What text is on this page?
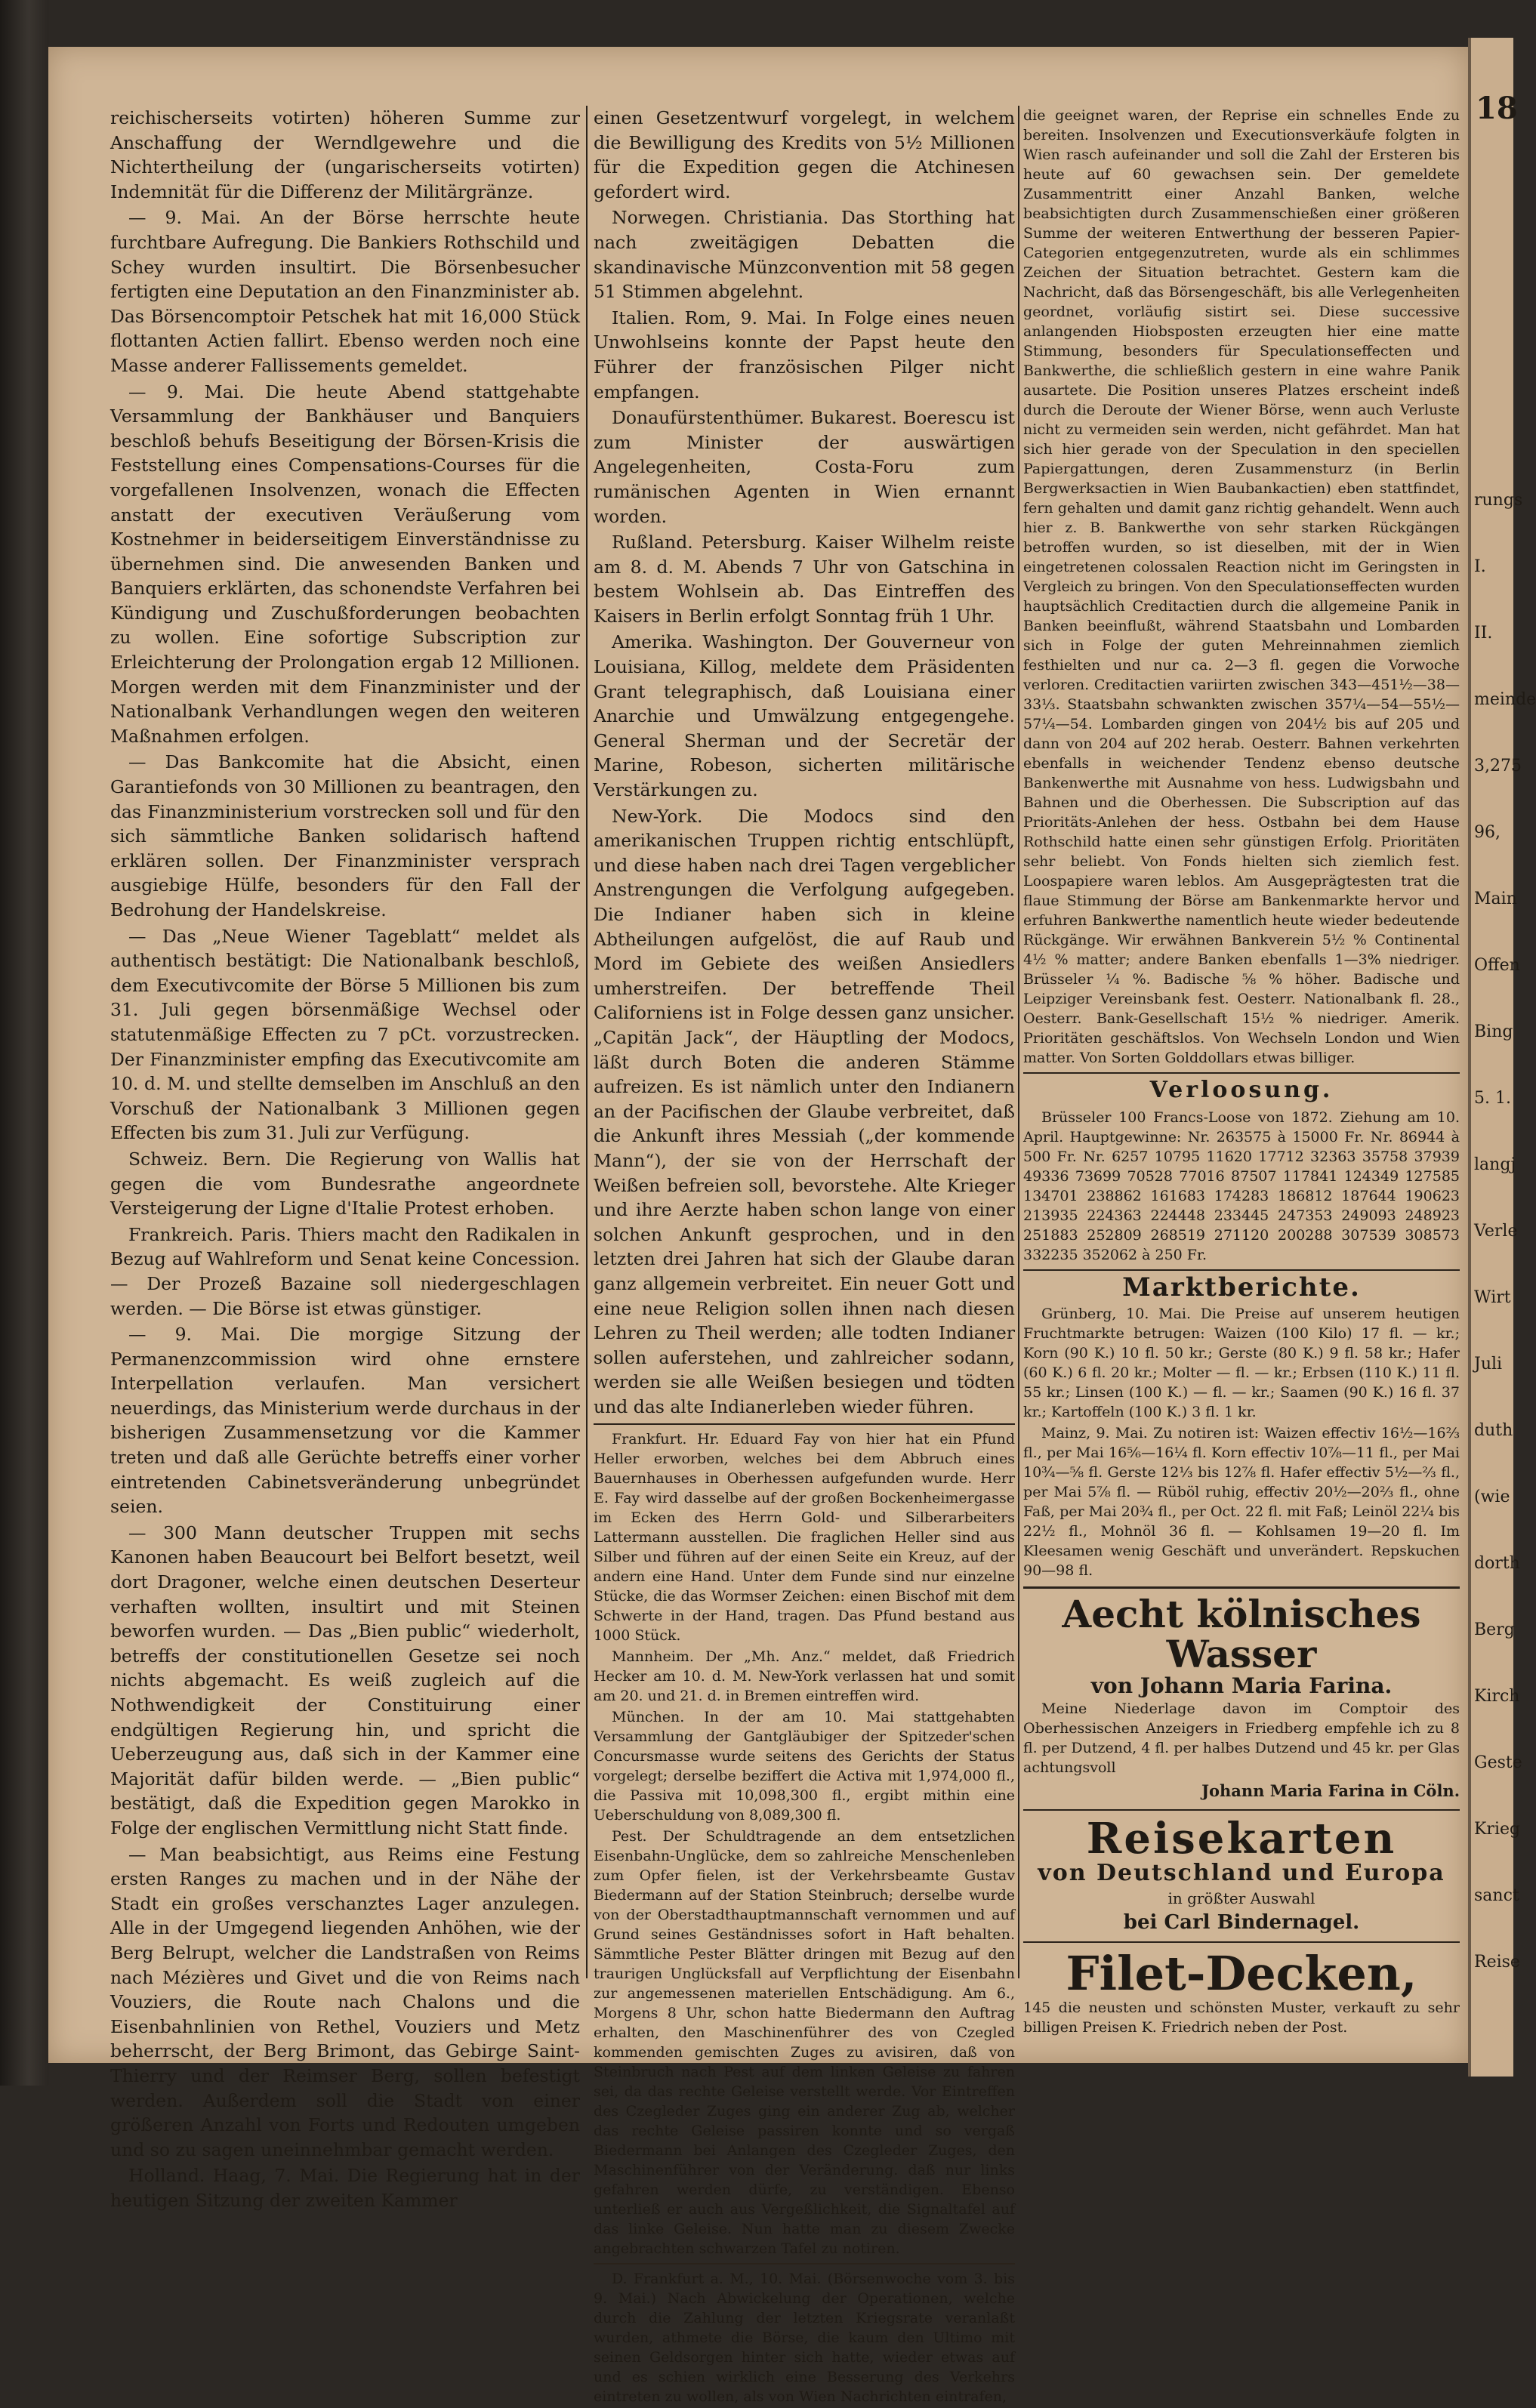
18
rungs
I.
II.
meinde
3,275
96,
Main
Offen
Bing
5. 1.
langj
Verle
Wirt
Juli
duth
(wie
dorth
Berg
Kirch
Geste
Krieg
sanct
Reise

reichischerseits votirten) höheren Summe zur Anschaffung der Werndlgewehre und die Nichtertheilung der (ungarischerseits votirten) Indemnität für die Differenz der Militärgränze.

— 9. Mai. An der Börse herrschte heute furchtbare Aufregung. Die Bankiers Rothschild und Schey wurden insultirt. Die Börsenbesucher fertigten eine Deputation an den Finanzminister ab. Das Börsencomptoir Petschek hat mit 16,000 Stück flottanten Actien fallirt. Ebenso werden noch eine Masse anderer Fallissements gemeldet.

— 9. Mai. Die heute Abend stattgehabte Versammlung der Bankhäuser und Banquiers beschloß behufs Beseitigung der Börsen-Krisis die Feststellung eines Compensations-Courses für die vorgefallenen Insolvenzen, wonach die Effecten anstatt der executiven Veräußerung vom Kostnehmer in beiderseitigem Einverständnisse zu übernehmen sind. Die anwesenden Banken und Banquiers erklärten, das schonendste Verfahren bei Kündigung und Zuschußforderungen beobachten zu wollen. Eine sofortige Subscription zur Erleichterung der Prolongation ergab 12 Millionen. Morgen werden mit dem Finanzminister und der Nationalbank Verhandlungen wegen den weiteren Maßnahmen erfolgen.

— Das Bankcomite hat die Absicht, einen Garantiefonds von 30 Millionen zu beantragen, den das Finanzministerium vorstrecken soll und für den sich sämmtliche Banken solidarisch haftend erklären sollen. Der Finanzminister versprach ausgiebige Hülfe, besonders für den Fall der Bedrohung der Handelskreise.

— Das „Neue Wiener Tageblatt“ meldet als authentisch bestätigt: Die Nationalbank beschloß, dem Executivcomite der Börse 5 Millionen bis zum 31. Juli gegen börsenmäßige Wechsel oder statutenmäßige Effecten zu 7 pCt. vorzustrecken. Der Finanzminister empfing das Executivcomite am 10. d. M. und stellte demselben im Anschluß an den Vorschuß der Nationalbank 3 Millionen gegen Effecten bis zum 31. Juli zur Verfügung.

Schweiz. Bern. Die Regierung von Wallis hat gegen die vom Bundesrathe angeordnete Versteigerung der Ligne d'Italie Protest erhoben.

Frankreich. Paris. Thiers macht den Radikalen in Bezug auf Wahlreform und Senat keine Concession. — Der Prozeß Bazaine soll niedergeschlagen werden. — Die Börse ist etwas günstiger.

— 9. Mai. Die morgige Sitzung der Permanenzcommission wird ohne ernstere Interpellation verlaufen. Man versichert neuerdings, das Ministerium werde durchaus in der bisherigen Zusammensetzung vor die Kammer treten und daß alle Gerüchte betreffs einer vorher eintretenden Cabinetsveränderung unbegründet seien.

— 300 Mann deutscher Truppen mit sechs Kanonen haben Beaucourt bei Belfort besetzt, weil dort Dragoner, welche einen deutschen Deserteur verhaften wollten, insultirt und mit Steinen beworfen wurden. — Das „Bien public“ wiederholt, betreffs der constitutionellen Gesetze sei noch nichts abgemacht. Es weiß zugleich auf die Nothwendigkeit der Constituirung einer endgültigen Regierung hin, und spricht die Ueberzeugung aus, daß sich in der Kammer eine Majorität dafür bilden werde. — „Bien public“ bestätigt, daß die Expedition gegen Marokko in Folge der englischen Vermittlung nicht Statt finde.

— Man beabsichtigt, aus Reims eine Festung ersten Ranges zu machen und in der Nähe der Stadt ein großes verschanztes Lager anzulegen. Alle in der Umgegend liegenden Anhöhen, wie der Berg Belrupt, welcher die Landstraßen von Reims nach Mézières und Givet und die von Reims nach Vouziers, die Route nach Chalons und die Eisenbahnlinien von Rethel, Vouziers und Metz beherrscht, der Berg Brimont, das Gebirge Saint-Thierry und der Reimser Berg, sollen befestigt werden. Außerdem soll die Stadt von einer größeren Anzahl von Forts und Redouten umgeben und so zu sagen uneinnehmbar gemacht werden.

Holland. Haag, 7. Mai. Die Regierung hat in der heutigen Sitzung der zweiten Kammer

einen Gesetzentwurf vorgelegt, in welchem die Bewilligung des Kredits von 5½ Millionen für die Expedition gegen die Atchinesen gefordert wird.

Norwegen. Christiania. Das Storthing hat nach zweitägigen Debatten die skandinavische Münzconvention mit 58 gegen 51 Stimmen abgelehnt.

Italien. Rom, 9. Mai. In Folge eines neuen Unwohlseins konnte der Papst heute den Führer der französischen Pilger nicht empfangen.

Donaufürstenthümer. Bukarest. Boerescu ist zum Minister der auswärtigen Angelegenheiten, Costa-Foru zum rumänischen Agenten in Wien ernannt worden.

Rußland. Petersburg. Kaiser Wilhelm reiste am 8. d. M. Abends 7 Uhr von Gatschina in bestem Wohlsein ab. Das Eintreffen des Kaisers in Berlin erfolgt Sonntag früh 1 Uhr.

Amerika. Washington. Der Gouverneur von Louisiana, Killog, meldete dem Präsidenten Grant telegraphisch, daß Louisiana einer Anarchie und Umwälzung entgegengehe. General Sherman und der Secretär der Marine, Robeson, sicherten militärische Verstärkungen zu.

New-York. Die Modocs sind den amerikanischen Truppen richtig entschlüpft, und diese haben nach drei Tagen vergeblicher Anstrengungen die Verfolgung aufgegeben. Die Indianer haben sich in kleine Abtheilungen aufgelöst, die auf Raub und Mord im Gebiete des weißen Ansiedlers umherstreifen. Der betreffende Theil Californiens ist in Folge dessen ganz unsicher. „Capitän Jack“, der Häuptling der Modocs, läßt durch Boten die anderen Stämme aufreizen. Es ist nämlich unter den Indianern an der Pacifischen der Glaube verbreitet, daß die Ankunft ihres Messiah („der kommende Mann“), der sie von der Herrschaft der Weißen befreien soll, bevorstehe. Alte Krieger und ihre Aerzte haben schon lange von einer solchen Ankunft gesprochen, und in den letzten drei Jahren hat sich der Glaube daran ganz allgemein verbreitet. Ein neuer Gott und eine neue Religion sollen ihnen nach diesen Lehren zu Theil werden; alle todten Indianer sollen auferstehen, und zahlreicher sodann, werden sie alle Weißen besiegen und tödten und das alte Indianerleben wieder führen.

Frankfurt. Hr. Eduard Fay von hier hat ein Pfund Heller erworben, welches bei dem Abbruch eines Bauernhauses in Oberhessen aufgefunden wurde. Herr E. Fay wird dasselbe auf der großen Bockenheimergasse im Ecken des Herrn Gold- und Silberarbeiters Lattermann ausstellen. Die fraglichen Heller sind aus Silber und führen auf der einen Seite ein Kreuz, auf der andern eine Hand. Unter dem Funde sind nur einzelne Stücke, die das Wormser Zeichen: einen Bischof mit dem Schwerte in der Hand, tragen. Das Pfund bestand aus 1000 Stück.

Mannheim. Der „Mh. Anz.“ meldet, daß Friedrich Hecker am 10. d. M. New-York verlassen hat und somit am 20. und 21. d. in Bremen eintreffen wird.

München. In der am 10. Mai stattgehabten Versammlung der Gantgläubiger der Spitzeder'schen Concursmasse wurde seitens des Gerichts der Status vorgelegt; derselbe beziffert die Activa mit 1,974,000 fl., die Passiva mit 10,098,300 fl., ergibt mithin eine Ueberschuldung von 8,089,300 fl.

Pest. Der Schuldtragende an dem entsetzlichen Eisenbahn-Unglücke, dem so zahlreiche Menschenleben zum Opfer fielen, ist der Verkehrsbeamte Gustav Biedermann auf der Station Steinbruch; derselbe wurde von der Oberstadthauptmannschaft vernommen und auf Grund seines Geständnisses sofort in Haft behalten. Sämmtliche Pester Blätter dringen mit Bezug auf den traurigen Unglücksfall auf Verpflichtung der Eisenbahn zur angemessenen materiellen Entschädigung. Am 6., Morgens 8 Uhr, schon hatte Biedermann den Auftrag erhalten, den Maschinenführer des von Czegled kommenden gemischten Zuges zu avisiren, daß von Steinbruch nach Pest auf dem linken Geleise zu fahren sei, da das rechte Geleise verstellt werde. Vor Eintreffen des Czegleder Zuges ging ein anderer Zug ab, welcher das rechte Geleise passiren konnte und so vergaß Biedermann bei Anlangen des Czegleder Zuges, den Maschinenführer von der Veränderung. daß nur links gefahren werden dürfe, zu verständigen. Ebenso unterließ er auch aus Vergeßlichkeit, die Signaltafel auf das linke Geleise. Nun hatte man zu diesem Zwecke angebrachten schwarzen Tafel zu notiren.

D. Frankfurt a. M., 10. Mai. (Börsenwoche vom 3. bis 9. Mai.) Nach Abwickelung der Operationen, welche durch die Zahlung der letzten Kriegsrate veranlaßt wurden, athmete die Börse, die kaum den Ultimo mit seinen Geldsorgen hinter sich hatte, wieder etwas auf und es schien wirklich eine Besserung des Verkehrs eintreten zu wollen, als von Wien Nachrichten eintrafen,

die geeignet waren, der Reprise ein schnelles Ende zu bereiten. Insolvenzen und Executionsverkäufe folgten in Wien rasch aufeinander und soll die Zahl der Ersteren bis heute auf 60 gewachsen sein. Der gemeldete Zusammentritt einer Anzahl Banken, welche beabsichtigten durch Zusammenschießen einer größeren Summe der weiteren Entwerthung der besseren Papier-Categorien entgegenzutreten, wurde als ein schlimmes Zeichen der Situation betrachtet. Gestern kam die Nachricht, daß das Börsengeschäft, bis alle Verlegenheiten geordnet, vorläufig sistirt sei. Diese successive anlangenden Hiobsposten erzeugten hier eine matte Stimmung, besonders für Speculationseffecten und Bankwerthe, die schließlich gestern in eine wahre Panik ausartete. Die Position unseres Platzes erscheint indeß durch die Deroute der Wiener Börse, wenn auch Verluste nicht zu vermeiden sein werden, nicht gefährdet. Man hat sich hier gerade von der Speculation in den speciellen Papiergattungen, deren Zusammensturz (in Berlin Bergwerksactien in Wien Baubankactien) eben stattfindet, fern gehalten und damit ganz richtig gehandelt. Wenn auch hier z. B. Bankwerthe von sehr starken Rückgängen betroffen wurden, so ist dieselben, mit der in Wien eingetretenen colossalen Reaction nicht im Geringsten in Vergleich zu bringen. Von den Speculationseffecten wurden hauptsächlich Creditactien durch die allgemeine Panik in Banken beeinflußt, während Staatsbahn und Lombarden sich in Folge der guten Mehreinnahmen ziemlich festhielten und nur ca. 2—3 fl. gegen die Vorwoche verloren. Creditactien variirten zwischen 343—451½—38—33⅓. Staatsbahn schwankten zwischen 357¼—54—55½—57¼—54. Lombarden gingen von 204½ bis auf 205 und dann von 204 auf 202 herab. Oesterr. Bahnen verkehrten ebenfalls in weichender Tendenz ebenso deutsche Bankenwerthe mit Ausnahme von hess. Ludwigsbahn und Bahnen und die Oberhessen. Die Subscription auf das Prioritäts-Anlehen der hess. Ostbahn bei dem Hause Rothschild hatte einen sehr günstigen Erfolg. Prioritäten sehr beliebt. Von Fonds hielten sich ziemlich fest. Loospapiere waren leblos. Am Ausgeprägtesten trat die flaue Stimmung der Börse am Bankenmarkte hervor und erfuhren Bankwerthe namentlich heute wieder bedeutende Rückgänge. Wir erwähnen Bankverein 5½ % Continental 4½ % matter; andere Banken ebenfalls 1—3% niedriger. Brüsseler ¼ %. Badische ⅝ % höher. Badische und Leipziger Vereinsbank fest. Oesterr. Nationalbank fl. 28., Oesterr. Bank-Gesellschaft 15½ % niedriger. Amerik. Prioritäten geschäftslos. Von Wechseln London und Wien matter. Von Sorten Golddollars etwas billiger.

Verloosung.

Brüsseler 100 Francs-Loose von 1872. Ziehung am 10. April. Hauptgewinne: Nr. 263575 à 15000 Fr. Nr. 86944 à 500 Fr. Nr. 6257 10795 11620 17712 32363 35758 37939 49336 73699 70528 77016 87507 117841 124349 127585 134701 238862 161683 174283 186812 187644 190623 213935 224363 224448 233445 247353 249093 248923 251883 252809 268519 271120 200288 307539 308573 332235 352062 à 250 Fr.

Marktberichte.

Grünberg, 10. Mai. Die Preise auf unserem heutigen Fruchtmarkte betrugen: Waizen (100 Kilo) 17 fl. — kr.; Korn (90 K.) 10 fl. 50 kr.; Gerste (80 K.) 9 fl. 58 kr.; Hafer (60 K.) 6 fl. 20 kr.; Molter — fl. — kr.; Erbsen (110 K.) 11 fl. 55 kr.; Linsen (100 K.) — fl. — kr.; Saamen (90 K.) 16 fl. 37 kr.; Kartoffeln (100 K.) 3 fl. 1 kr.

Mainz, 9. Mai. Zu notiren ist: Waizen effectiv 16½—16⅔ fl., per Mai 16⅚—16¼ fl. Korn effectiv 10⅞—11 fl., per Mai 10¾—⅝ fl. Gerste 12⅓ bis 12⅞ fl. Hafer effectiv 5½—⅔ fl., per Mai 5⅞ fl. — Rüböl ruhig, effectiv 20½—20⅔ fl., ohne Faß, per Mai 20¾ fl., per Oct. 22 fl. mit Faß; Leinöl 22¼ bis 22½ fl., Mohnöl 36 fl. — Kohlsamen 19—20 fl. Im Kleesamen wenig Geschäft und unverändert. Repskuchen 90—98 fl.

Aecht kölnisches Wasser
von Johann Maria Farina.

Meine Niederlage davon im Comptoir des Oberhessischen Anzeigers in Friedberg empfehle ich zu 8 fl. per Dutzend, 4 fl. per halbes Dutzend und 45 kr. per Glas achtungsvoll

Johann Maria Farina in Cöln.
Reisekarten
von Deutschland und Europa
in größter Auswahl
bei Carl Bindernagel.
Filet-Decken,

145 die neusten und schönsten Muster, verkauft zu sehr billigen Preisen K. Friedrich neben der Post.
